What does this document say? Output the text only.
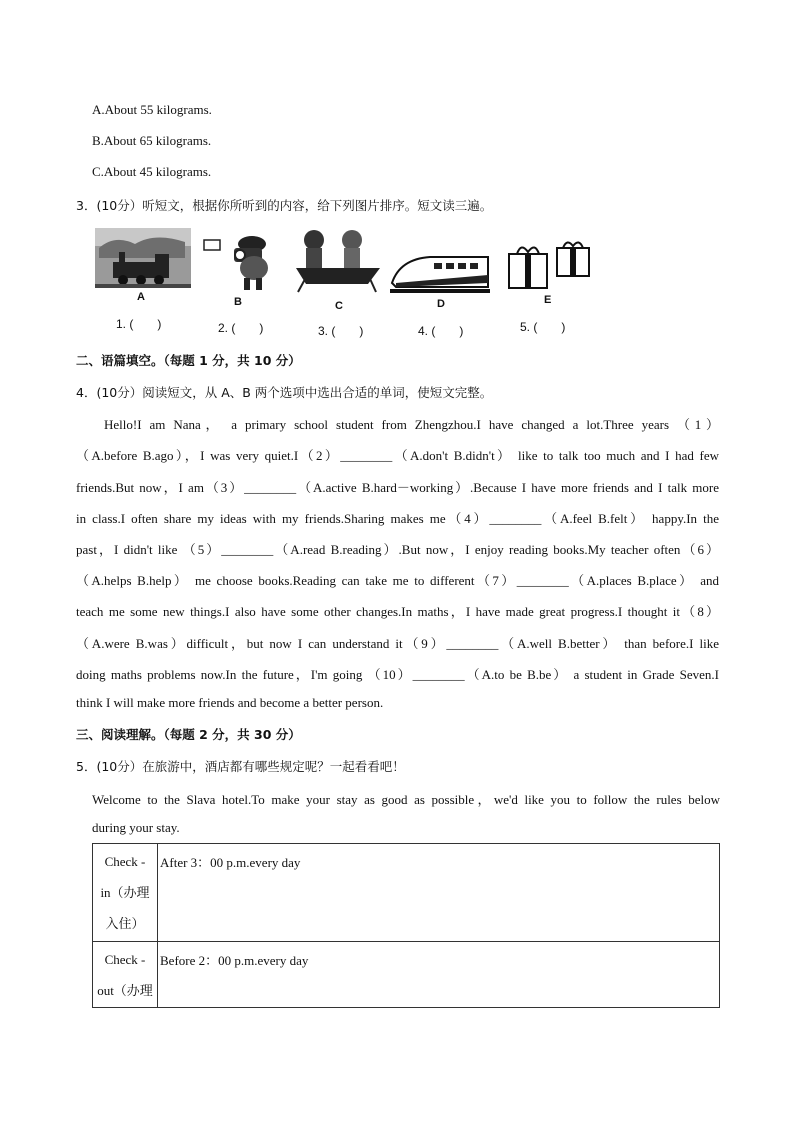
A.About 55 kilograms.
B.About 65 kilograms.
C.About 45 kilograms.
3．(10分）听短文，根据你所听到的内容，给下列图片排序。短文读三遍。
A	B	C	D	E
1. (　　)	2. (　　)	3. (　　)	4. (　　)	5. (　　)
二、语篇填空。（每题 1 分，共 10 分）
4．(10分）阅读短文，从 A、B 两个选项中选出合适的单词，使短文完整。
Hello!I am Nana， a primary school student from Zhengzhou.I have changed a lot.Three years （1）
（A.before B.ago），I was very quiet.I（2）________（A.don't B.didn't） like to talk too much and I had few
friends.But now，I am（3）________（A.active B.hard－working）.Because I have more friends and I talk more
in class.I often share my ideas with my friends.Sharing makes me（4）________（A.feel B.felt） happy.In the
past，I didn't like （5）________（A.read B.reading）.But now，I enjoy reading books.My teacher often（6）
（A.helps B.help） me choose books.Reading can take me to different（7）________（A.places B.place） and
teach me some new things.I also have some other changes.In maths，I have made great progress.I thought it（8）
（A.were B.was）difficult，but now I can understand it（9）________（A.well B.better） than before.I like
doing maths problems now.In the future，I'm going （10）________（A.to be B.be） a student in Grade Seven.I
think I will make more friends and become a better person.
三、阅读理解。（每题 2 分，共 30 分）
5．(10分）在旅游中，酒店都有哪些规定呢？一起看看吧！
Welcome to the Slava hotel.To make your stay as good as possible，we'd like you to follow the rules below
during your stay.
Check -
in（办理
入住）	After 3：00 p.m.every day

Check -
out（办理	Before 2：00 p.m.every day
